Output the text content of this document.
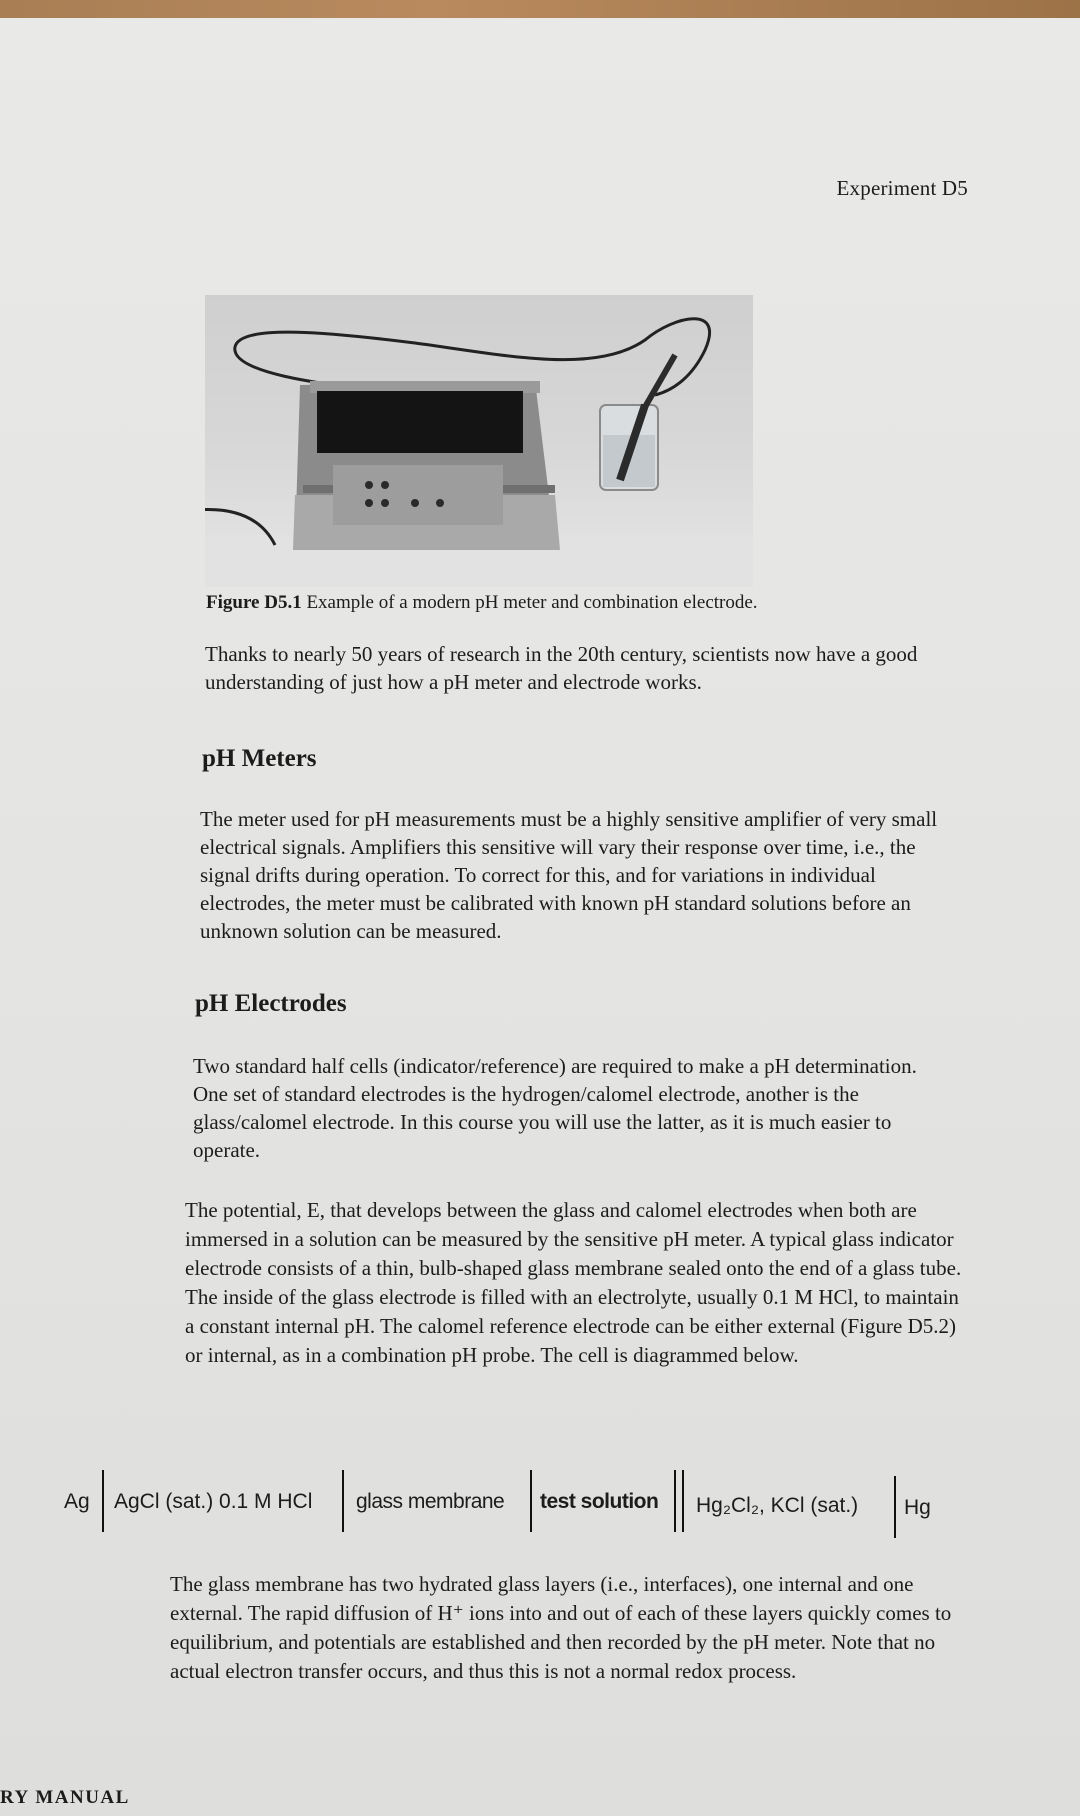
Experiment D5
Figure D5.1 Example of a modern pH meter and combination electrode.

Thanks to nearly 50 years of research in the 20th century, scientists now have a good understanding of just how a pH meter and electrode works.

pH Meters

The meter used for pH measurements must be a highly sensitive amplifier of very small electrical signals. Amplifiers this sensitive will vary their response over time, i.e., the signal drifts during operation. To correct for this, and for variations in individual electrodes, the meter must be calibrated with known pH standard solutions before an unknown solution can be measured.

pH Electrodes

Two standard half cells (indicator/reference) are required to make a pH determination. One set of standard electrodes is the hydrogen/calomel electrode, another is the glass/calomel electrode. In this course you will use the latter, as it is much easier to operate.

The potential, E, that develops between the glass and calomel electrodes when both are immersed in a solution can be measured by the sensitive pH meter. A typical glass indicator electrode consists of a thin, bulb-shaped glass membrane sealed onto the end of a glass tube. The inside of the glass electrode is filled with an electrolyte, usually 0.1 M HCl, to maintain a constant internal pH. The calomel reference electrode can be either external (Figure D5.2) or internal, as in a combination pH probe. The cell is diagrammed below.

Ag AgCl (sat.) 0.1 M HCl glass membrane test solution Hg₂Cl₂, KCl (sat.) Hg

The glass membrane has two hydrated glass layers (i.e., interfaces), one internal and one external. The rapid diffusion of H⁺ ions into and out of each of these layers quickly comes to equilibrium, and potentials are established and then recorded by the pH meter. Note that no actual electron transfer occurs, and thus this is not a normal redox process.

RY MANUAL
